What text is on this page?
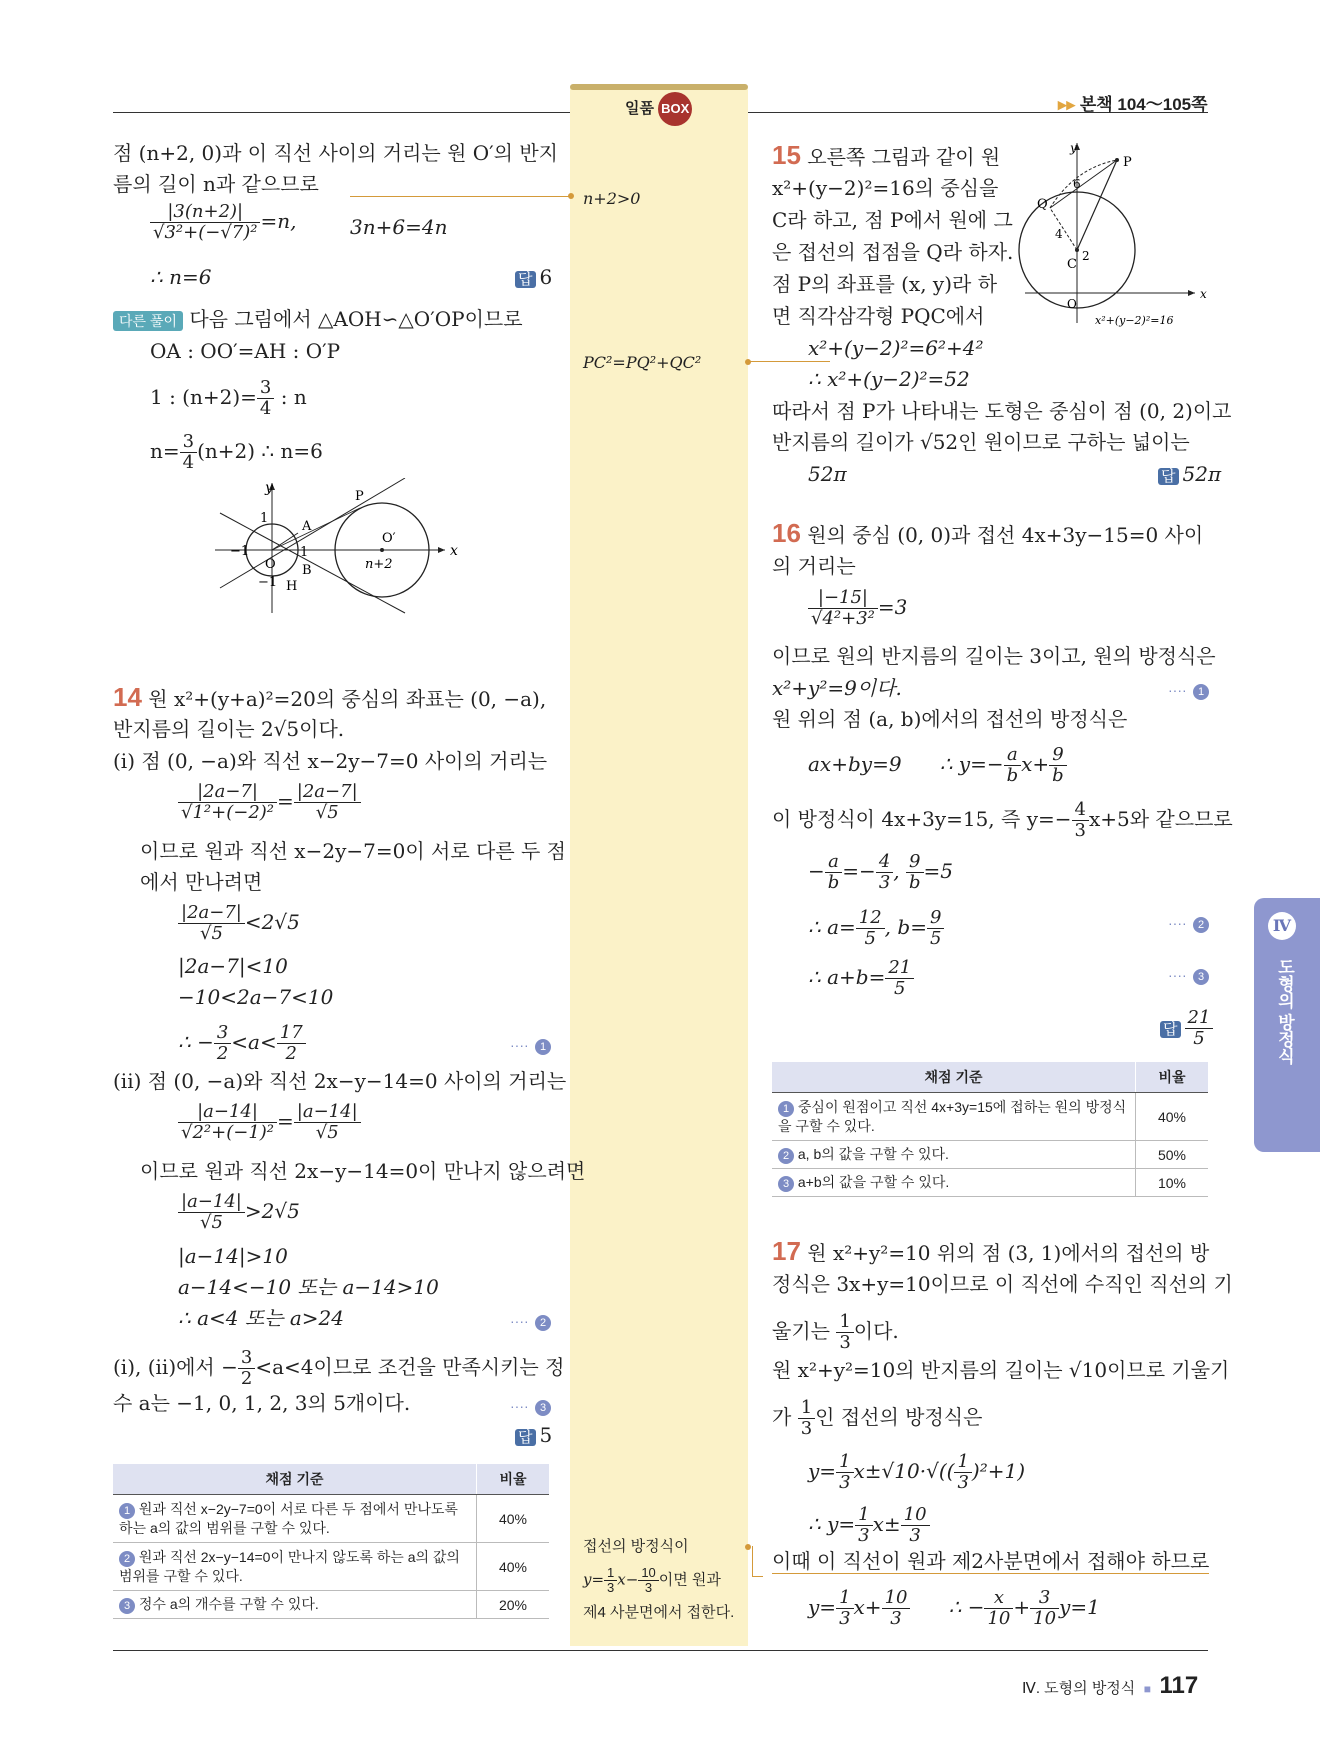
일품 BOX	▸▸ 본책 104～105쪽
점 (n+2, 0)과 이 직선 사이의 거리는 원 O′의 반지
름의 길이 n과 같으므로
$\frac{|3(n+2)|}{\text{√3²+(−√7)²}} =n$,	3n+6=4n
∴ n=6	답 6
다른 풀이 다음 그림에서 △AOH∽△O′OP이므로
OA : OO′=AH : O′P
1 : $(n+2)= \frac{3}{4}$ : n
$n= \frac{3}{4} (n+2)$ ∴ n=6
y
x
1
−1
O
1
−1
A
B
H
P
O′
n+2
14 원 x²+(y+a)²=20의 중심의 좌표는 (0, −a),
반지름의 길이는 2√5이다.
(i) 점 (0, −a)와 직선 x−2y−7=0 사이의 거리는
$\frac{|2a-7|}{\text{√1²+(−2)²}} = \frac{|2a-7|}{√5}$
이므로 원과 직선 x−2y−7=0이 서로 다른 두 점
에서 만나려면
$\frac{|2a-7|}{√5} <2√5$
|2a−7|<10
−10<2a−7<10
∴ − $\frac{3}{2} <a< \frac{17}{2}$	···· 1
(ii) 점 (0, −a)와 직선 2x−y−14=0 사이의 거리는
$\frac{|a-14|}{\text{√2²+(−1)²}} = \frac{|a-14|}{√5}$
이므로 원과 직선 2x−y−14=0이 만나지 않으려면
$\frac{|a-14|}{√5} >2√5$
|a−14|>10
a−14<−10 또는 a−14>10
∴ a<4 또는 a>24	···· 2
(i), (ii)에서 − $\frac{3}{2} <a<4$이므로 조건을 만족시키는 정
수 a는 −1, 0, 1, 2, 3의 5개이다.	···· 3
답 5
채점 기준	비율
1 원과 직선 x−2y−7=0이 서로 다른 두 점에서 만나도록 하는 a의 값의 범위를 구할 수 있다.	40%
2 원과 직선 2x−y−14=0이 만나지 않도록 하는 a의 값의 범위를 구할 수 있다.	40%
3 정수 a의 개수를 구할 수 있다.	20%
n+2>0
PC²=PQ²+QC²
접선의 방정식이
$y= \frac{1}{3} x- \frac{10}{3}$ 이면 원과
제4 사분면에서 접한다.
15 오른쪽 그림과 같이 원
x²+(y−2)²=16의 중심을
C라 하고, 점 P에서 원에 그
은 접선의 접점을 Q라 하자.
점 P의 좌표를 (x, y)라 하
면 직각삼각형 PQC에서
x²+(y−2)²=6²+4²
∴ x²+(y−2)²=52
따라서 점 P가 나타내는 도형은 중심이 점 (0, 2)이고
반지름의 길이가 √52인 원이므로 구하는 넓이는
52π	답 52π
y
x
P
Q
C
2
O
6
4
x²+(y−2)²=16
16 원의 중심 (0, 0)과 접선 4x+3y−15=0 사이
의 거리는
$\frac{|-15|}{\text{√4²+3²}} =3$
이므로 원의 반지름의 길이는 3이고, 원의 방정식은
x²+y²=9이다.	···· 1
원 위의 점 (a, b)에서의 접선의 방정식은
ax+by=9      ∴ $y=- \frac{a}{b} x+ \frac{9}{b}$
이 방정식이 4x+3y=15, 즉 $y=- \frac{4}{3} x+5$와 같으므로
− $\frac{a}{b} =- \frac{4}{3}$ , $\frac{9}{b} =5$
∴ $a= \frac{12}{5}$ , $b= \frac{9}{5}$	···· 2
∴ $a+b= \frac{21}{5}$	···· 3
답 $\frac{21}{5}$
채점 기준	비율
1 중심이 원점이고 직선 4x+3y=15에 접하는 원의 방정식을 구할 수 있다.	40%
2 a, b의 값을 구할 수 있다.	50%
3 a+b의 값을 구할 수 있다.	10%
17 원 x²+y²=10 위의 점 (3, 1)에서의 접선의 방
정식은 3x+y=10이므로 이 직선에 수직인 직선의 기
울기는 $\frac{1}{3}$ 이다.
원 x²+y²=10의 반지름의 길이는 √10이므로 기울기
가 $\frac{1}{3}$ 인 접선의 방정식은
$y= \frac{1}{3} x\pm√10\cdot√(( \frac{1}{3} )^2+1)$
∴ $y= \frac{1}{3} x\pm \frac{10}{3}$
이때 이 직선이 원과 제2사분면에서 접해야 하므로
$y= \frac{1}{3} x+ \frac{10}{3}$ ∴ − $\frac{x}{10} + \frac{3}{10} y=1$
Ⅳ
도형의 방정식
Ⅳ. 도형의 방정식 ■ 117
